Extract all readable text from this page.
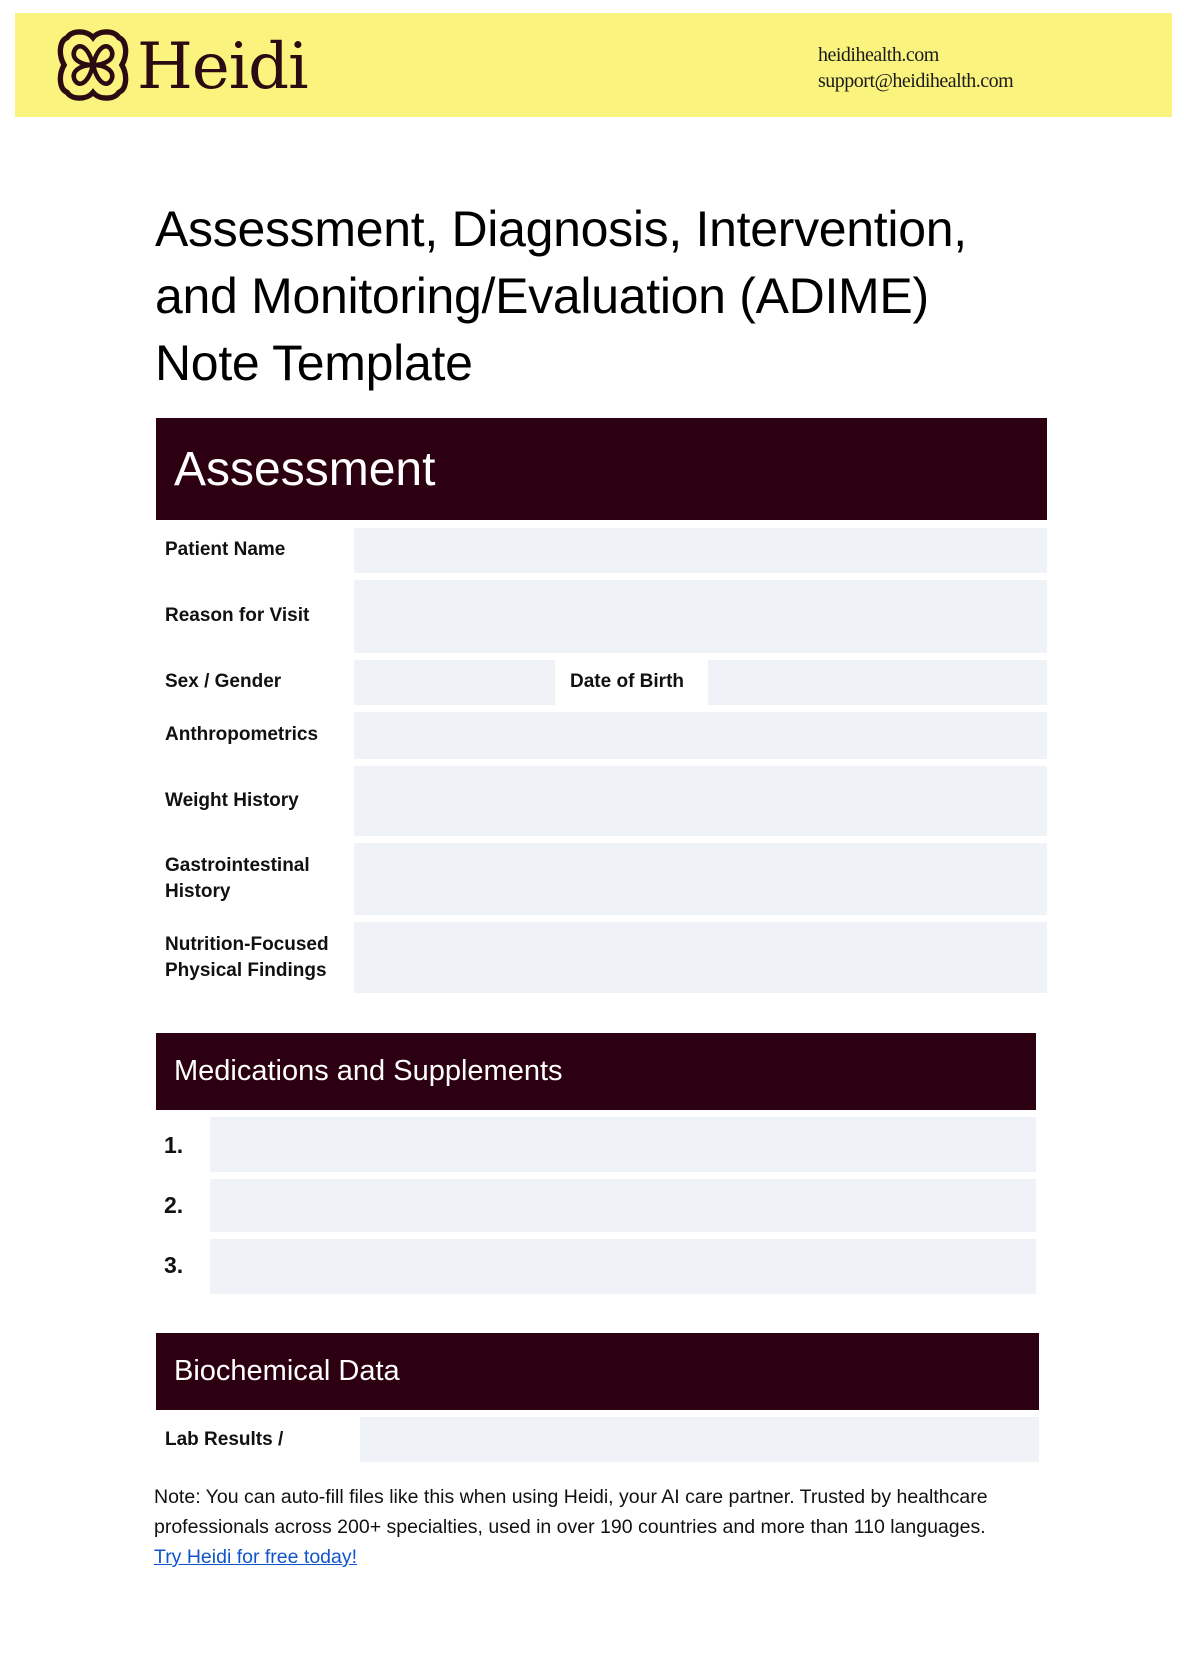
Heidi	heidihealth.com
support@heidihealth.com
Assessment, Diagnosis, Intervention,
and Monitoring/Evaluation (ADIME)
Note Template
Assessment
Patient Name
Reason for Visit
Sex / Gender	Date of Birth
Anthropometrics
Weight History
Gastrointestinal
History
Nutrition-Focused
Physical Findings
Medications and Supplements
1.
2.
3.
Biochemical Data
Lab Results /
Note: You can auto-fill files like this when using Heidi, your AI care partner. Trusted by healthcare professionals across 200+ specialties, used in over 190 countries and more than 110 languages.
Try Heidi for free today!
